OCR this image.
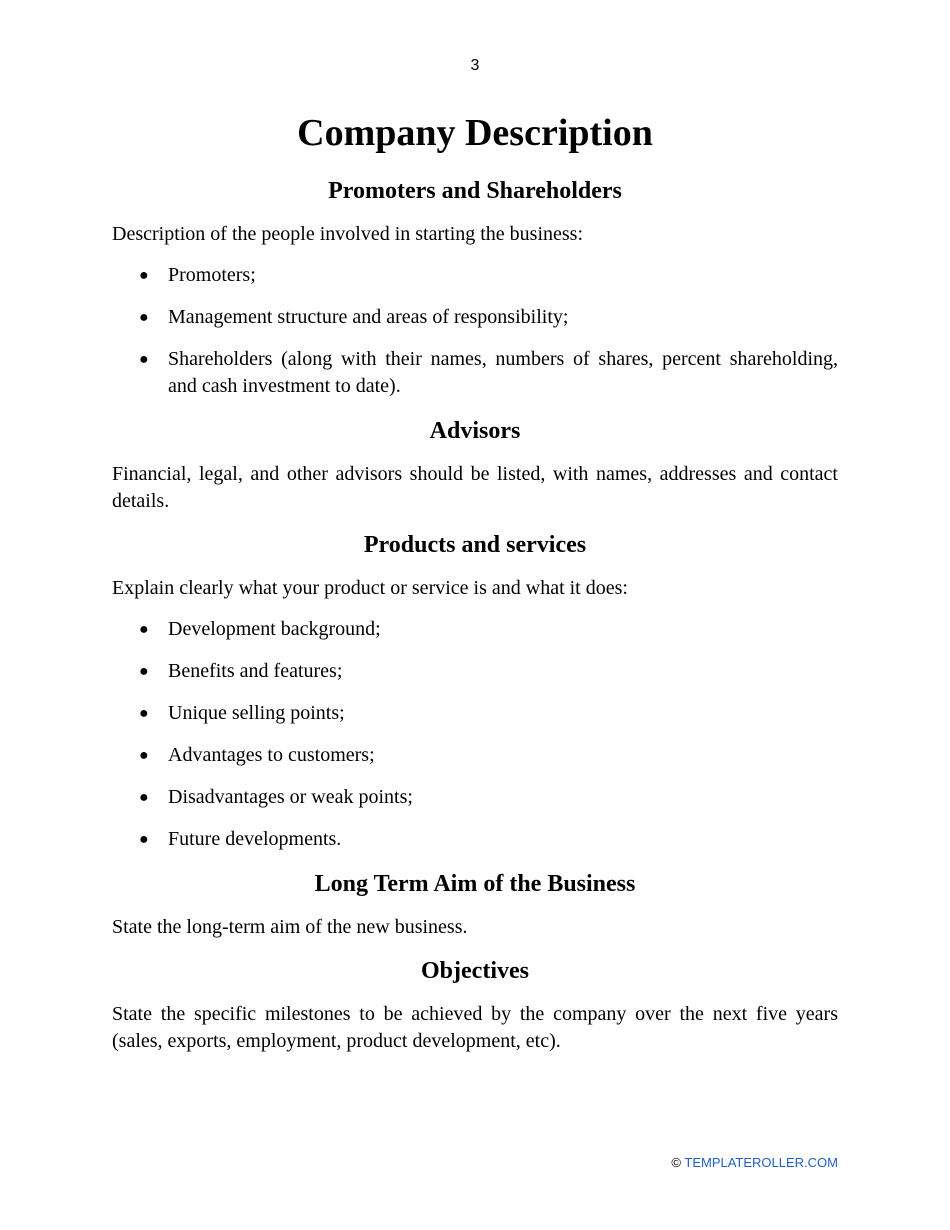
3
Company Description
Promoters and Shareholders

Description of the people involved in starting the business:

● Promoters;
● Management structure and areas of responsibility;
● Shareholders (along with their names, numbers of shares, percent shareholding, and cash investment to date).
Advisors

Financial, legal, and other advisors should be listed, with names, addresses and contact details.

Products and services

Explain clearly what your product or service is and what it does:

● Development background;
● Benefits and features;
● Unique selling points;
● Advantages to customers;
● Disadvantages or weak points;
● Future developments.
Long Term Aim of the Business

State the long-term aim of the new business.

Objectives

State the specific milestones to be achieved by the company over the next five years (sales, exports, employment, product development, etc).

© TEMPLATEROLLER.COM
